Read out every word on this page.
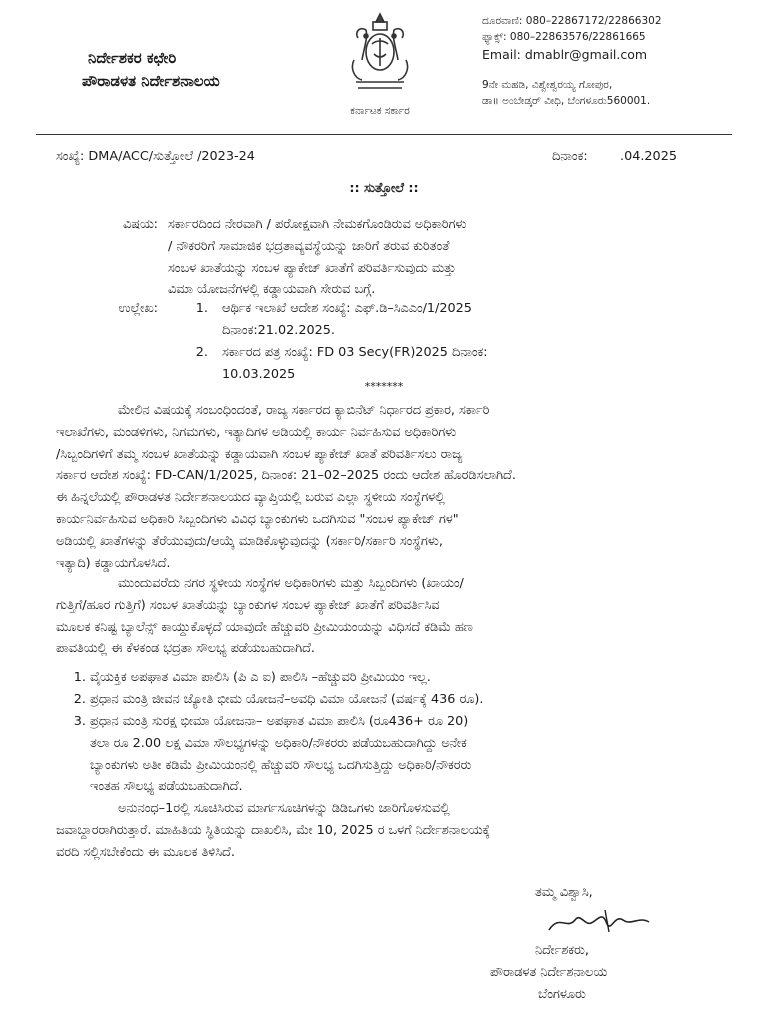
ನಿರ್ದೇಶಕರ ಕಛೇರಿ
ಪೌರಾಡಳತ ನಿರ್ದೇಶನಾಲಯ
ಕರ್ನಾಟಕ ಸರ್ಕಾರ
ದೂರವಾಣಿ: 080–22867172/22866302
ಫ್ಯಾಕ್ಸ್: 080–22863576/22861665
Email: dmablr@gmail.com
9ನೇ ಮಹಡಿ, ವಿಶ್ವೇಶ್ವರಯ್ಯ ಗೋಪುರ,
ಡಾ॥ ಅಂಬೇಡ್ಕರ್ ವೀಧಿ, ಬೆಂಗಳೂರು560001.
ಸಂಖ್ಯೆ: DMA/ACC/ಸುತ್ತೋಲೆ /2023-24	ದಿನಾಂಕ:	.04.2025
:: ಸುತ್ತೋಲೆ ::
ವಿಷಯ: ಸರ್ಕಾರದಿಂದ ನೇರವಾಗಿ / ಪರೋಕ್ಷವಾಗಿ ನೇಮಕಗೊಂಡಿರುವ ಅಧಿಕಾರಿಗಳು
/ ನೌಕರರಿಗೆ ಸಾಮಾಜಿಕ ಭದ್ರತಾವ್ಯವಸ್ಥೆಯನ್ನು ಜಾರಿಗೆ ತರುವ ಕುರಿತಂತೆ
ಸಂಬಳ ಖಾತೆಯನ್ನು ಸಂಬಳ ಪ್ಯಾಕೇಜ್ ಖಾತೆಗೆ ಪರಿವರ್ತಿಸುವುದು ಮತ್ತು
ವಿಮಾ ಯೋಜನೆಗಳಲ್ಲಿ ಕಡ್ಡಾಯವಾಗಿ ಸೇರುವ ಬಗ್ಗೆ.
ಉಲ್ಲೇಖ:	1. ಆರ್ಥಿಕ ಇಲಾಖೆ ಆದೇಶ ಸಂಖ್ಯೆ: ಎಫ್.ಡಿ–ಸಿಎಎಂ/1/2025
ದಿನಾಂಕ:21.02.2025.
2. ಸರ್ಕಾರದ ಪತ್ರ ಸಂಖ್ಯೆ: FD 03 Secy(FR)2025 ದಿನಾಂಕ:
10.03.2025
*******
ಮೇಲಿನ ವಿಷಯಕ್ಕೆ ಸಂಬಂಧಿಂದಂತೆ, ರಾಜ್ಯ ಸರ್ಕಾರದ ಕ್ಯಾಬಿನೆಟ್ ನಿರ್ಧಾರದ ಪ್ರಕಾರ, ಸರ್ಕಾರಿ
ಇಲಾಖೆಗಳು, ಮಂಡಳಿಗಳು, ನಿಗಮಗಳು, ಇತ್ಯಾದಿಗಳ ಅಡಿಯಲ್ಲಿ ಕಾರ್ಯ ನಿರ್ವಹಿಸುವ ಅಧಿಕಾರಿಗಳು
/ಸಿಬ್ಬಂದಿಗಳಿಗೆ ತಮ್ಮ ಸಂಬಳ ಖಾತೆಯನ್ನು ಕಡ್ಡಾಯವಾಗಿ ಸಂಬಳ ಪ್ಯಾಕೇಜ್ ಖಾತೆ ಪರಿವರ್ತಿಸಲು ರಾಜ್ಯ
ಸರ್ಕಾರ ಆದೇಶ ಸಂಖ್ಯೆ: FD-CAN/1/2025, ದಿನಾಂಕ: 21–02–2025 ರಂದು ಆದೇಶ ಹೊರಡಿಸಲಾಗಿದೆ.
ಈ ಹಿನ್ನಲೆಯಲ್ಲಿ ಪೌರಾಡಳತ ನಿರ್ದೇಶನಾಲಯದ ವ್ಯಾಪ್ತಿಯಲ್ಲಿ ಬರುವ ಎಲ್ಲಾ ಸ್ಥಳೀಯ ಸಂಸ್ಥೆಗಳಲ್ಲಿ
ಕಾರ್ಯನಿರ್ವಹಿಸುವ ಅಧಿಕಾರಿ ಸಿಬ್ಬಂದಿಗಳು ವಿವಿಧ ಬ್ಯಾಂಕುಗಳು ಒದಗಿಸುವ "ಸಂಬಳ ಪ್ಯಾಕೇಜ್ ಗಳ"
ಅಡಿಯಲ್ಲಿ ಖಾತೆಗಳನ್ನು ತೆರೆಯುವುದು/ಆಯ್ಕೆ ಮಾಡಿಕೊಳ್ಳುವುದನ್ನು (ಸರ್ಕಾರಿ/ಸರ್ಕಾರಿ ಸಂಸ್ಥೆಗಳು,
ಇತ್ಯಾದಿ) ಕಡ್ಡಾಯಗೊಳಸಿದೆ.
ಮುಂದುವರೆದು ನಗರ ಸ್ಥಳೀಯ ಸಂಸ್ಥೆಗಳ ಅಧಿಕಾರಿಗಳು ಮತ್ತು ಸಿಬ್ಬಂದಿಗಳು (ಖಾಯಂ/
ಗುತ್ತಿಗೆ/ಹೂರ ಗುತ್ತಿಗೆ) ಸಂಬಳ ಖಾತೆಯನ್ನು ಬ್ಯಾಂಕುಗಳ ಸಂಬಳ ಪ್ಯಾಕೇಜ್ ಖಾತೆಗೆ ಪರಿವರ್ತಿಸಿವ
ಮೂಲಕ ಕನಿಷ್ಟ ಬ್ಯಾಲೆನ್ಸ್ ಕಾಯ್ದುಕೊಳ್ಳದೆ ಯಾವುದೇ ಹೆಚ್ಚುವರಿ ಪ್ರೀಮಿಯಂಯನ್ನು ವಿಧಿಸದೆ ಕಡಿಮೆ ಹಣ
ಪಾವತಿಯಲ್ಲಿ ಈ ಕೆಳಕಂಡ ಭದ್ರತಾ ಸೌಲಭ್ಯ ಪಡೆಯಬಹುದಾಗಿದೆ.
1. ವೈಯಕ್ತಿಕ ಅಪಘಾತ ವಿಮಾ ಪಾಲಿಸಿ (ಪಿ ಎ ಐ) ಪಾಲಿಸಿ –ಹೆಚ್ಚುವರಿ ಪ್ರೀಮಿಯಂ ಇಲ್ಲ.
2. ಪ್ರಧಾನ ಮಂತ್ರಿ ಜೀವನ ಜ್ಯೋತಿ ಭೀಮ ಯೋಜನೆ–ಅವಧಿ ವಿಮಾ ಯೋಜನೆ (ವರ್ಷಕ್ಕೆ 436 ರೂ).
3. ಪ್ರಧಾನ ಮಂತ್ರಿ ಸುರಕ್ಷ ಭೀಮಾ ಯೋಜನಾ– ಅಪಘಾತ ವಿಮಾ ಪಾಲಿಸಿ (ರೂ436+ ರೂ 20)
ತಲಾ ರೂ 2.00 ಲಕ್ಷ ವಿಮಾ ಸೌಲಭ್ಯಗಳನ್ನು ಅಧಿಕಾರಿ/ನೌಕರರು ಪಡೆಯಬಹುದಾಗಿದ್ದು ಅನೇಕ
ಬ್ಯಾಂಕುಗಳು ಅತೀ ಕಡಿಮೆ ಪ್ರೀಮಿಯಂನಲ್ಲಿ ಹೆಚ್ಚುವರಿ ಸೌಲಭ್ಯ ಒದಗಿಸುತ್ತಿದ್ದು ಅಧಿಕಾರಿ/ನೌಕರರು
ಇಂತಹ ಸೌಲಭ್ಯ ಪಡೆಯಬಹುದಾಗಿದೆ.
ಅನುನಂಧ–1ರಲ್ಲಿ ಸೂಚಿಸಿರುವ ಮಾರ್ಗಸೂಚಿಗಳನ್ನು ಡಿಡಿಒಗಳು ಜಾರಿಗೊಳಸುವಲ್ಲಿ
ಜವಾಬ್ದಾರರಾಗಿರುತ್ತಾರೆ. ಮಾಹಿತಿಯ ಸ್ಥಿತಿಯನ್ನು ದಾಖಲಿಸಿ, ಮೇ 10, 2025 ರ ಒಳಗೆ ನಿರ್ದೇಶನಾಲಯಕ್ಕೆ
ವರದಿ ಸಲ್ಲಿಸಬೇಕೆಂದು ಈ ಮೂಲಕ ತಿಳಿಸಿದೆ.
ತಮ್ಮ ವಿಶ್ವಾಸಿ,
ನಿರ್ದೇಶಕರು,
ಪೌರಾಡಳತ ನಿರ್ದೇಶನಾಲಯ
ಬೆಂಗಳೂರು
